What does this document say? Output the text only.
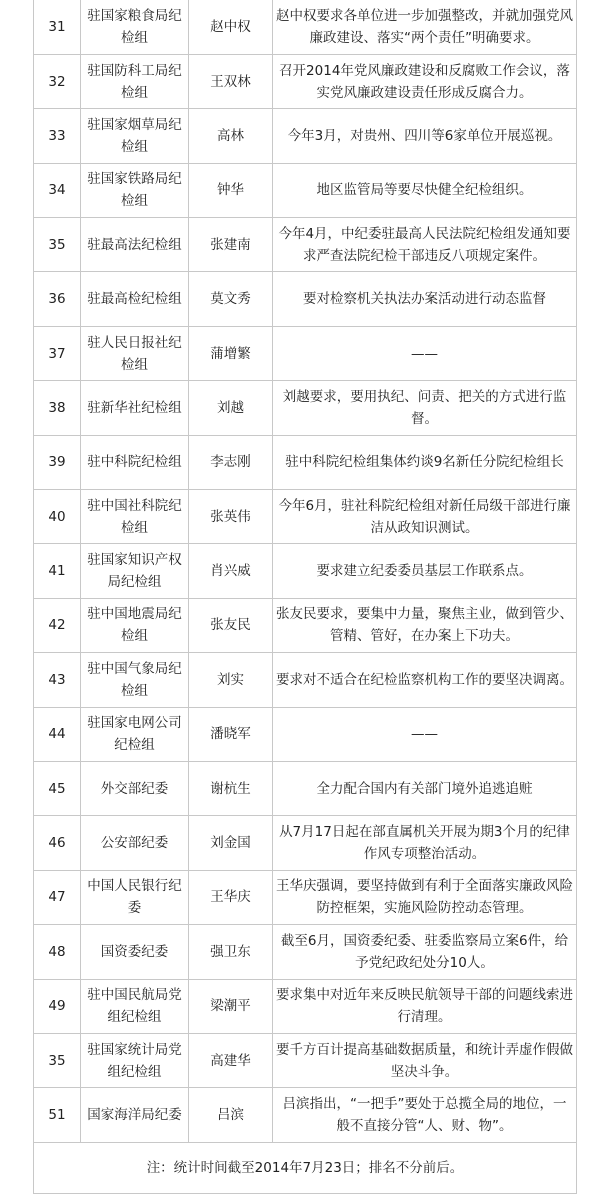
31	驻国家粮食局纪检组	赵中权	赵中权要求各单位进一步加强整改，并就加强党风廉政建设、落实“两个责任”明确要求。
32	驻国防科工局纪检组	王双林	召开2014年党风廉政建设和反腐败工作会议，落实党风廉政建设责任形成反腐合力。
33	驻国家烟草局纪检组	高林	今年3月，对贵州、四川等6家单位开展巡视。
34	驻国家铁路局纪检组	钟华	地区监管局等要尽快健全纪检组织。
35	驻最高法纪检组	张建南	今年4月，中纪委驻最高人民法院纪检组发通知要求严查法院纪检干部违反八项规定案件。
36	驻最高检纪检组	莫文秀	要对检察机关执法办案活动进行动态监督
37	驻人民日报社纪检组	蒲增繁	——
38	驻新华社纪检组	刘越	刘越要求，要用执纪、问责、把关的方式进行监督。
39	驻中科院纪检组	李志刚	驻中科院纪检组集体约谈9名新任分院纪检组长
40	驻中国社科院纪检组	张英伟	今年6月，驻社科院纪检组对新任局级干部进行廉洁从政知识测试。
41	驻国家知识产权局纪检组	肖兴威	要求建立纪委委员基层工作联系点。
42	驻中国地震局纪检组	张友民	张友民要求，要集中力量，聚焦主业，做到管少、管精、管好，在办案上下功夫。
43	驻中国气象局纪检组	刘实	要求对不适合在纪检监察机构工作的要坚决调离。
44	驻国家电网公司纪检组	潘晓军	——
45	外交部纪委	谢杭生	全力配合国内有关部门境外追逃追赃
46	公安部纪委	刘金国	从7月17日起在部直属机关开展为期3个月的纪律作风专项整治活动。
47	中国人民银行纪委	王华庆	王华庆强调，要坚持做到有利于全面落实廉政风险防控框架，实施风险防控动态管理。
48	国资委纪委	强卫东	截至6月，国资委纪委、驻委监察局立案6件，给予党纪政纪处分10人。
49	驻中国民航局党组纪检组	梁潮平	要求集中对近年来反映民航领导干部的问题线索进行清理。
35	驻国家统计局党组纪检组	高建华	要千方百计提高基础数据质量，和统计弄虚作假做坚决斗争。
51	国家海洋局纪委	吕滨	吕滨指出，“一把手”要处于总揽全局的地位，一般不直接分管“人、财、物”。
注：统计时间截至2014年7月23日；排名不分前后。			
